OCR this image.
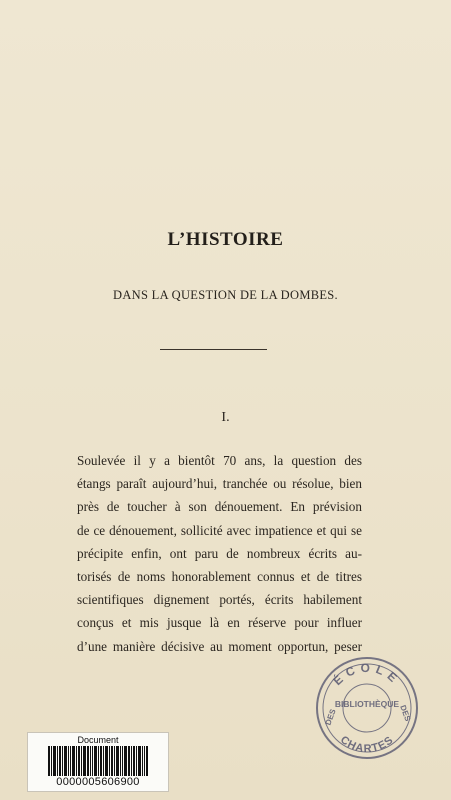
L’HISTOIRE
DANS LA QUESTION DE LA DOMBES.
I.
Soulevée il y a bientôt 70 ans, la question des
étangs paraît aujourd’hui, tranchée ou résolue, bien
près de toucher à son dénouement. En prévision
de ce dénouement, sollicité avec impatience et qui se
précipite enfin, ont paru de nombreux écrits au-
torisés de noms honorablement connus et de titres
scientifiques dignement portés, écrits habilement
conçus et mis jusque là en réserve pour influer
d’une manière décisive au moment opportun, peser
ÉCOLE
BIBLIOTHÈQUE
DES	DES
CHARTES
Document
0000005606900
